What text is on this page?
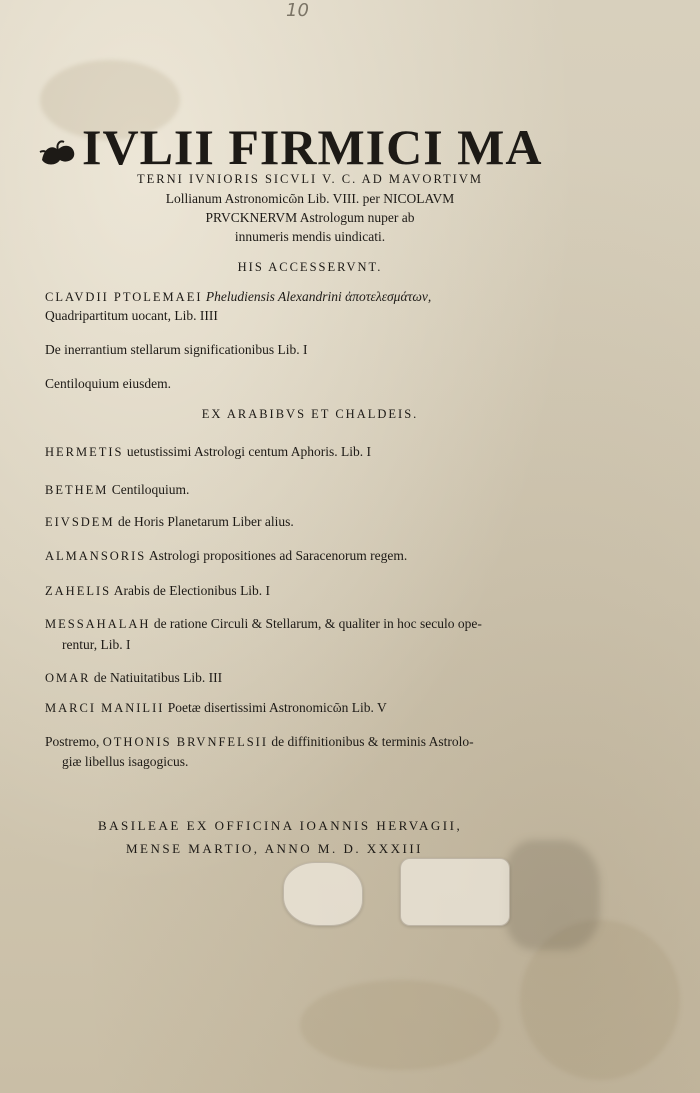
10
IVLII FIRMICI MA
TERNI IVNIORIS SICVLI V. C. AD MAVORTIVM
Lollianum Astronomicῶn Lib. VIII. per NICOLAVM
PRVCKNERVM Astrologum nuper ab
innumeris mendis uindicati.
HIS ACCESSERVNT.
CLAVDII PTOLEMAEI Pheludiensis Alexandrini ἀποτελεσμάτων,
Quadripartitum uocant, Lib. IIII
De inerrantium stellarum significationibus Lib. I
Centiloquium eiusdem.
EX ARABIBVS ET CHALDEIS.
HERMETIS uetustissimi Astrologi centum Aphoris. Lib. I
BETHEM Centiloquium.
EIVSDEM de Horis Planetarum Liber alius.
ALMANSORIS Astrologi propositiones ad Saracenorum regem.
ZAHELIS Arabis de Electionibus Lib. I
MESSAHALAH de ratione Circuli & Stellarum, & qualiter in hoc seculo ope-
rentur, Lib. I
OMAR de Natiuitatibus Lib. III
MARCI MANILII Poetæ disertissimi Astronomicῶn Lib. V
Postremo, OTHONIS BRVNFELSII de diffinitionibus & terminis Astrolo-
giæ libellus isagogicus.
BASILEAE EX OFFICINA IOANNIS HERVAGII,
MENSE MARTIO, ANNO M. D. XXXIII
